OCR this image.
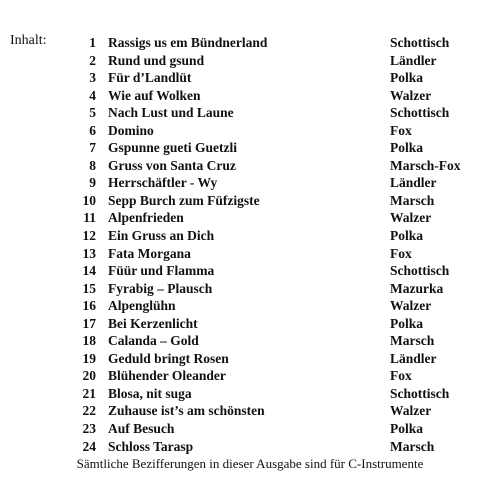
Inhalt:	1 Rassigs us em Bündnerland	Schottisch
2 Rund und gsund	Ländler
3 Für d’Landlüt	Polka
4 Wie auf Wolken	Walzer
5 Nach Lust und Laune	Schottisch
6 Domino	Fox
7 Gspunne gueti Guetzli	Polka
8 Gruss von Santa Cruz	Marsch-Fox
9 Herrschäftler - Wy	Ländler
10 Sepp Burch zum Füfzigste	Marsch
11 Alpenfrieden	Walzer
12 Ein Gruss an Dich	Polka
13 Fata Morgana	Fox
14 Füür und Flamma	Schottisch
15 Fyrabig – Plausch	Mazurka
16 Alpenglühn	Walzer
17 Bei Kerzenlicht	Polka
18 Calanda – Gold	Marsch
19 Geduld bringt Rosen	Ländler
20 Blühender Oleander	Fox
21 Blosa, nit suga	Schottisch
22 Zuhause ist’s am schönsten	Walzer
23 Auf Besuch	Polka
24 Schloss Tarasp	Marsch
Sämtliche Bezifferungen in dieser Ausgabe sind für C-Instrumente
